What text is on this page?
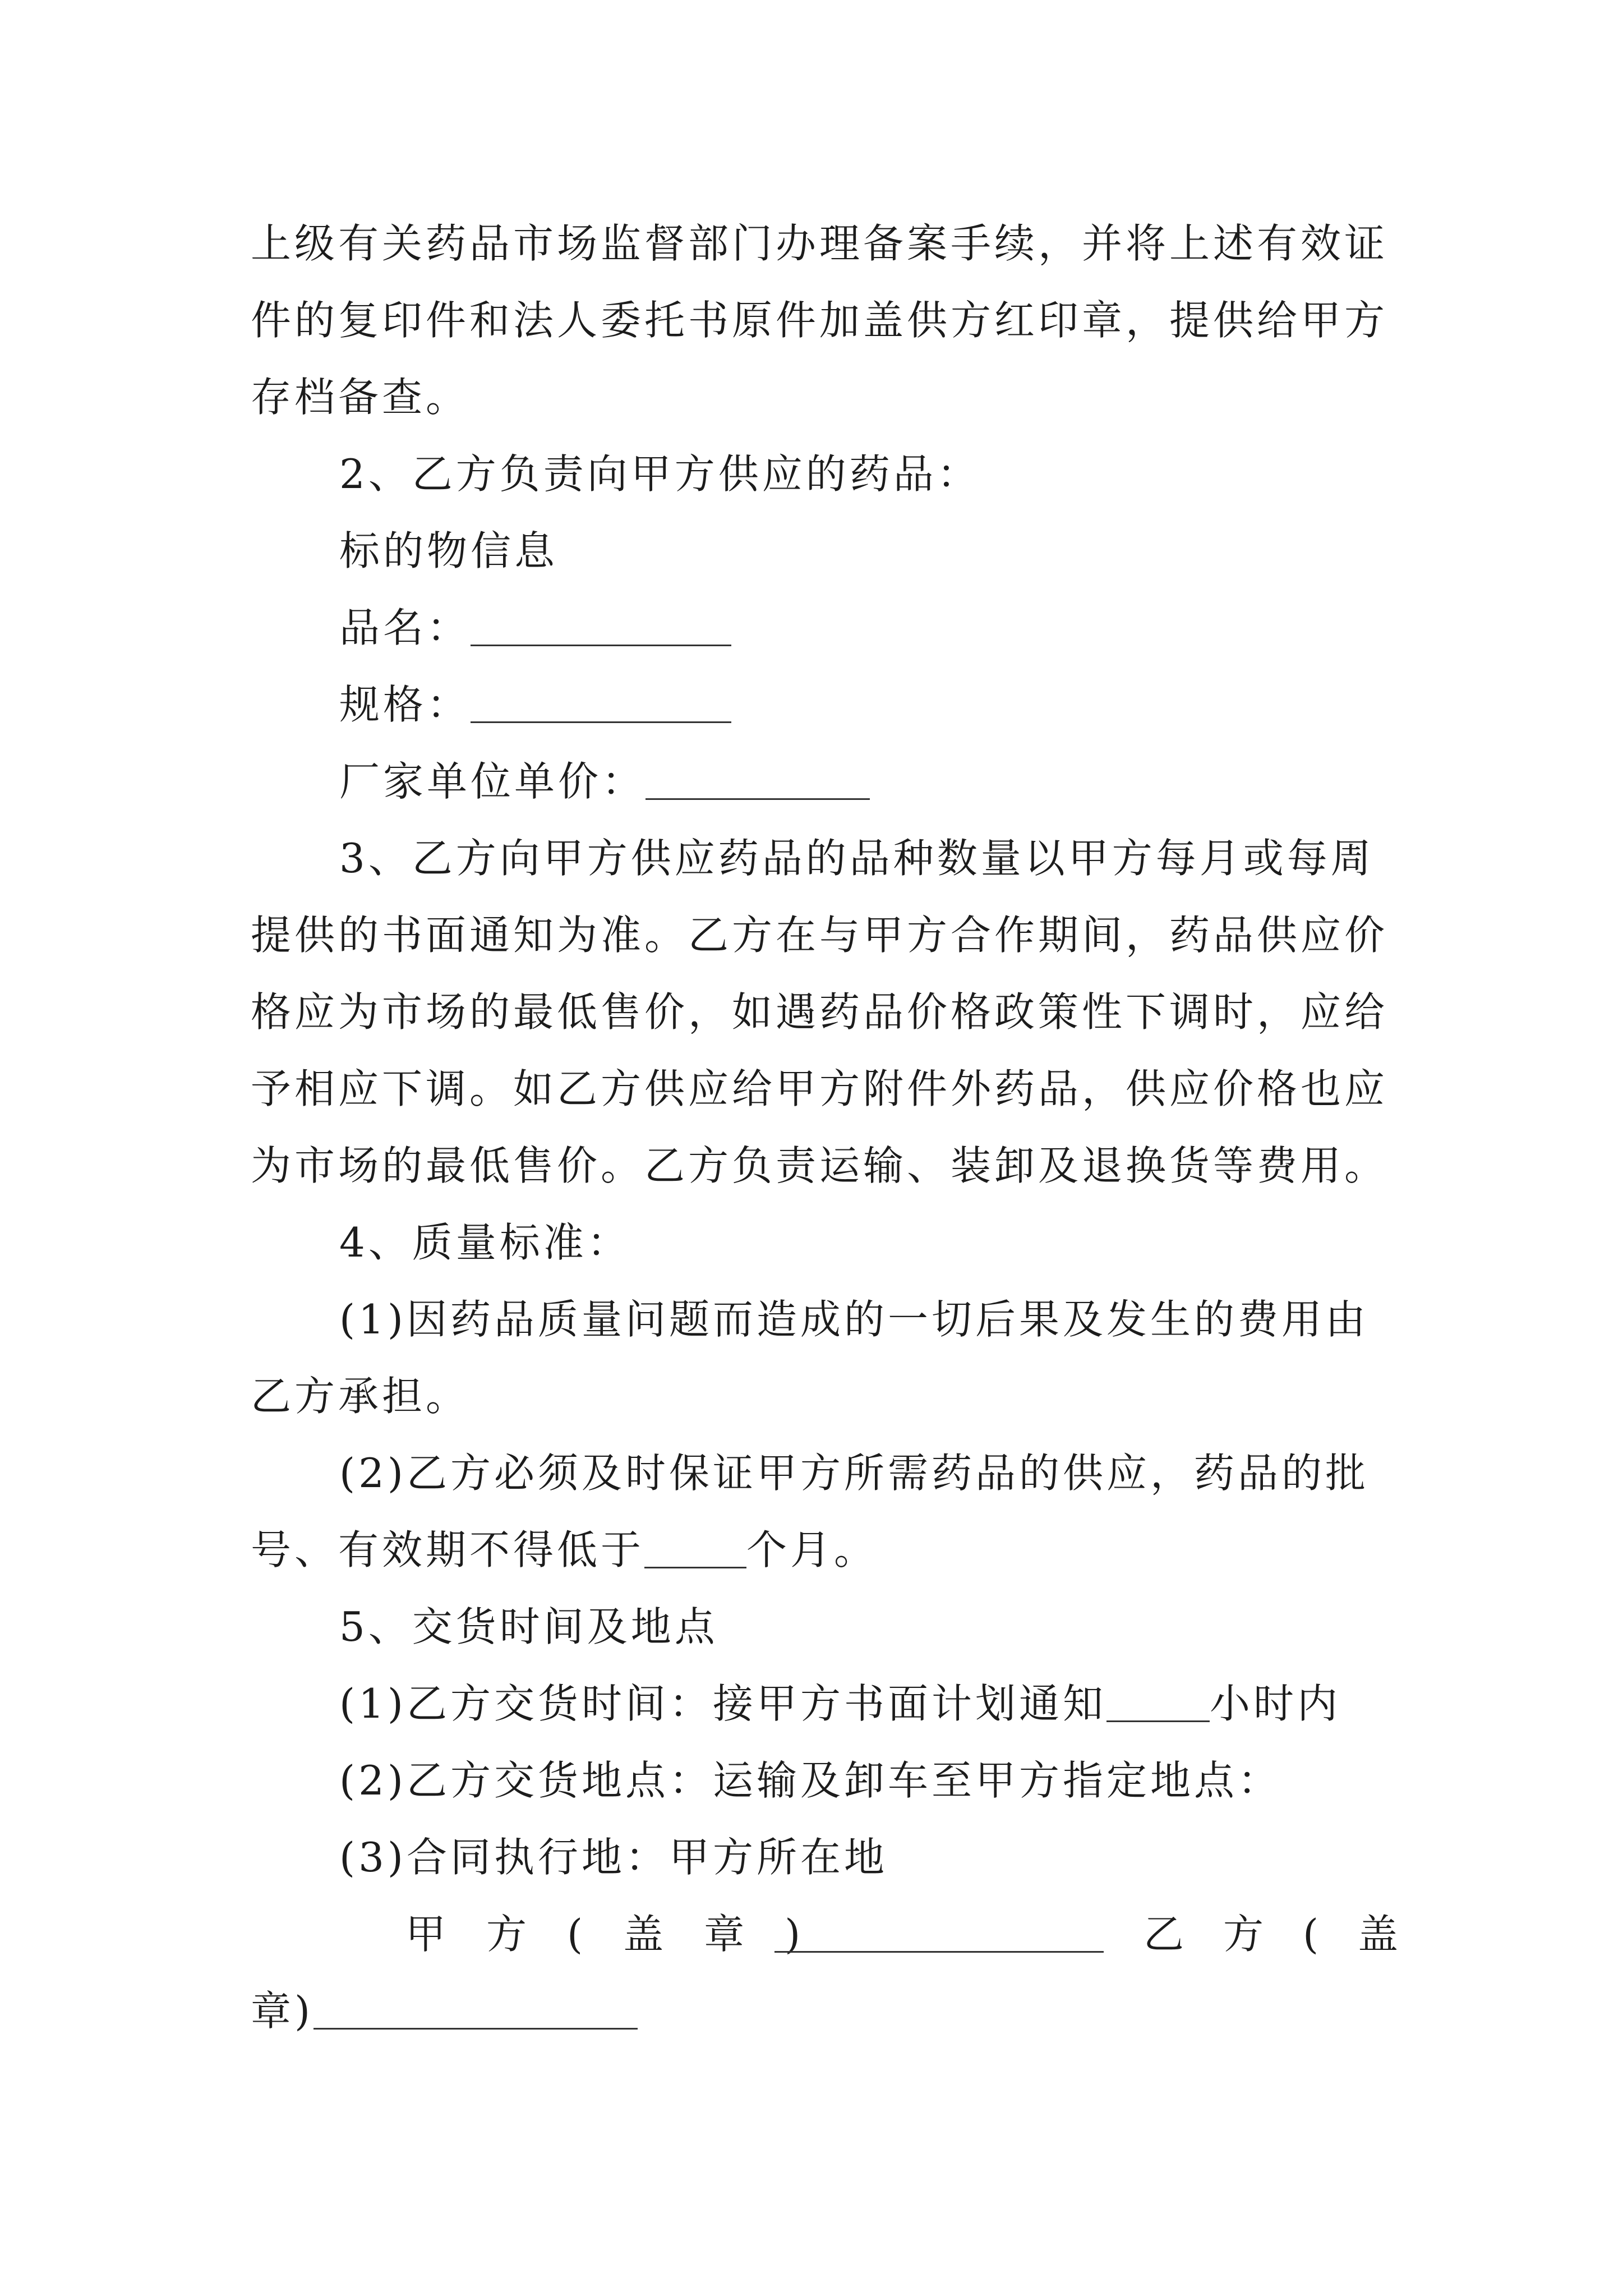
上级有关药品市场监督部门办理备案手续，并将上述有效证
件的复印件和法人委托书原件加盖供方红印章，提供给甲方
存档备查。
2、乙方负责向甲方供应的药品：
标的物信息
品名：
规格：
厂家单位单价：
3、乙方向甲方供应药品的品种数量以甲方每月或每周
提供的书面通知为准。乙方在与甲方合作期间，药品供应价
格应为市场的最低售价，如遇药品价格政策性下调时，应给
予相应下调。如乙方供应给甲方附件外药品，供应价格也应
为市场的最低售价。乙方负责运输、装卸及退换货等费用。
4、质量标准：
(1)因药品质量问题而造成的一切后果及发生的费用由
乙方承担。
(2)乙方必须及时保证甲方所需药品的供应，药品的批
号、有效期不得低于	个月。
5、交货时间及地点
(1)乙方交货时间：接甲方书面计划通知	小时内
(2)乙方交货地点：运输及卸车至甲方指定地点：
(3)合同执行地：甲方所在地
甲方(盖章)	乙方(盖
章)
